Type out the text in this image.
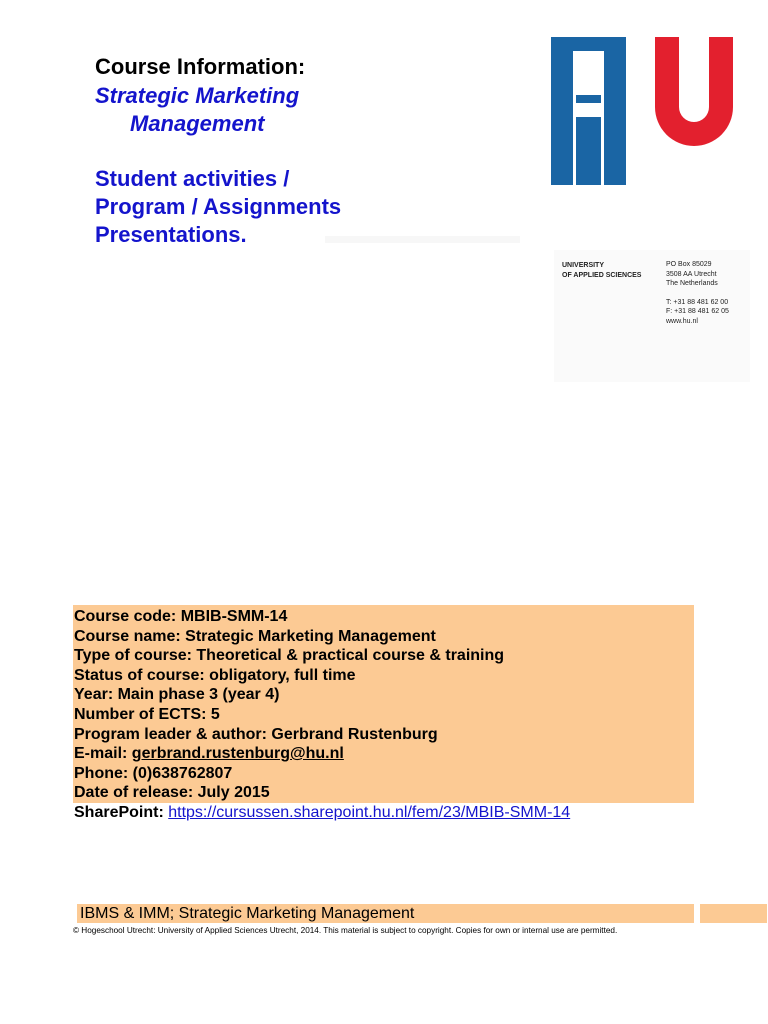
Course Information:
Strategic Marketing
Management
Student activities /
Program / Assignments
Presentations.
UNIVERSITY
OF APPLIED SCIENCES
PO Box 85029
3508 AA Utrecht
The Netherlands
T: +31 88 481 62 00
F: +31 88 481 62 05
www.hu.nl
Course code: MBIB-SMM-14
Course name: Strategic Marketing Management
Type of course: Theoretical & practical course & training
Status of course: obligatory, full time
Year: Main phase 3 (year 4)
Number of ECTS: 5
Program leader & author: Gerbrand Rustenburg
E-mail: gerbrand.rustenburg@hu.nl
Phone: (0)638762807
Date of release: July 2015
SharePoint: https://cursussen.sharepoint.hu.nl/fem/23/MBIB-SMM-14
IBMS & IMM; Strategic Marketing Management
© Hogeschool Utrecht: University of Applied Sciences Utrecht, 2014. This material is subject to copyright. Copies for own or internal use are permitted.
